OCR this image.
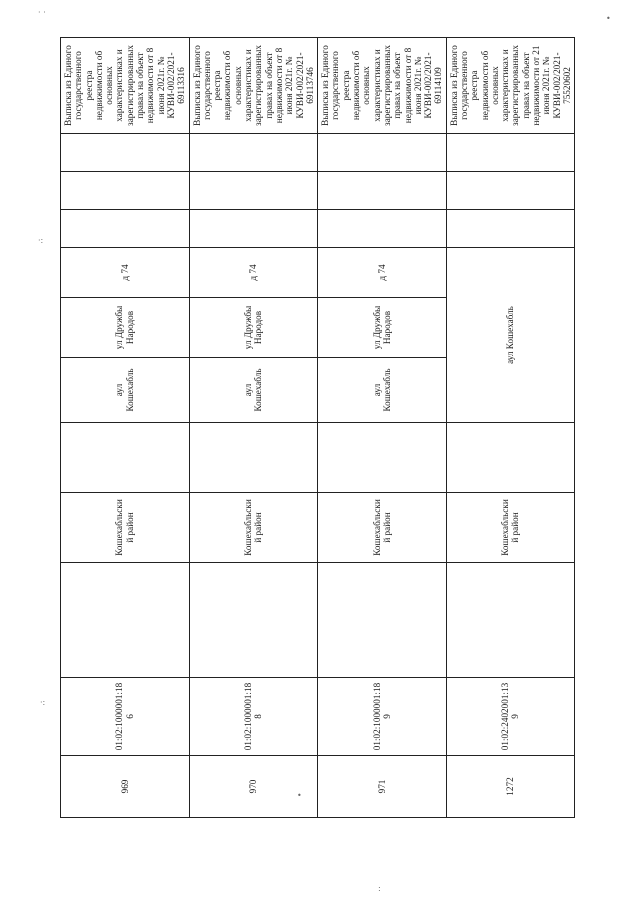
· ·
•
·:
·:
•
:
969	01:02:1000001:186		Кошехабльский район		аул Кошехабль	ул Дружбы Народов	д 74				Выписка из Единого государственного реестра недвижимости об основных характеристиках и зарегистрированных правах на объект недвижимости от 8 июня 2021г. № КУВИ-002/2021-69113316
970	01:02:1000001:188		Кошехабльский район		аул Кошехабль	ул Дружбы Народов	д 74				Выписка из Единого государственного реестра недвижимости об основных характеристиках и зарегистрированных правах на объект недвижимости от 8 июня 2021г. № КУВИ-002/2021-69113746
971	01:02:1000001:189		Кошехабльский район		аул Кошехабль	ул Дружбы Народов	д 74				Выписка из Единого государственного реестра недвижимости об основных характеристиках и зарегистрированных правах на объект недвижимости от 8 июня 2021г. № КУВИ-002/2021-69114109
1272	01:02:2402001:139		Кошехабльский район		аул Кошехабль						Выписка из Единого государственного реестра недвижимости об основных характеристиках и зарегистрированных правах на объект недвижимости от 21 июня 2021г. № КУВИ-002/2021-75520602
